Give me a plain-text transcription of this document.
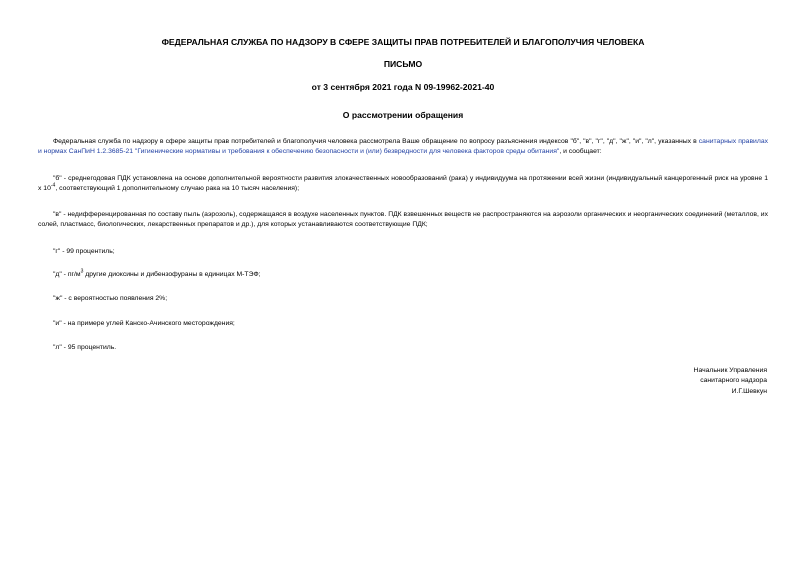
ФЕДЕРАЛЬНАЯ СЛУЖБА ПО НАДЗОРУ В СФЕРЕ ЗАЩИТЫ ПРАВ ПОТРЕБИТЕЛЕЙ И БЛАГОПОЛУЧИЯ ЧЕЛОВЕКА
ПИСЬМО
от 3 сентября 2021 года N 09-19962-2021-40
О рассмотрении обращения

Федеральная служба по надзору в сфере защиты прав потребителей и благополучия человека рассмотрела Ваше обращение по вопросу разъяснения индексов "б", "в", "г", "д", "ж", "и", "л", указанных в санитарных правилах и нормах СанПиН 1.2.3685-21 "Гигиенические нормативы и требования к обеспечению безопасности и (или) безвредности для человека факторов среды обитания", и сообщает:

"б" - среднегодовая ПДК установлена на основе дополнительной вероятности развития злокачественных новообразований (рака) у индивидуума на протяжении всей жизни (индивидуальный канцерогенный риск на уровне 1 x $10^{-4}$, соответствующий 1 дополнительному случаю рака на 10 тысяч населения);

"в" - недифференцированная по составу пыль (аэрозоль), содержащаяся в воздухе населенных пунктов. ПДК взвешенных веществ не распространяются на аэрозоли органических и неорганических соединений (металлов, их солей, пластмасс, биологических, лекарственных препаратов и др.), для которых устанавливаются соответствующие ПДК;

"г" - 99 процентиль;

"д" - $пг/м^3$ другие диоксины и дибензофураны в единицах М-ТЭФ;

"ж" - с вероятностью появления 2%;

"и" - на примере углей Канско-Ачинского месторождения;

"л" - 95 процентиль.

Начальник Управления
санитарного надзора
И.Г.Шевкун
